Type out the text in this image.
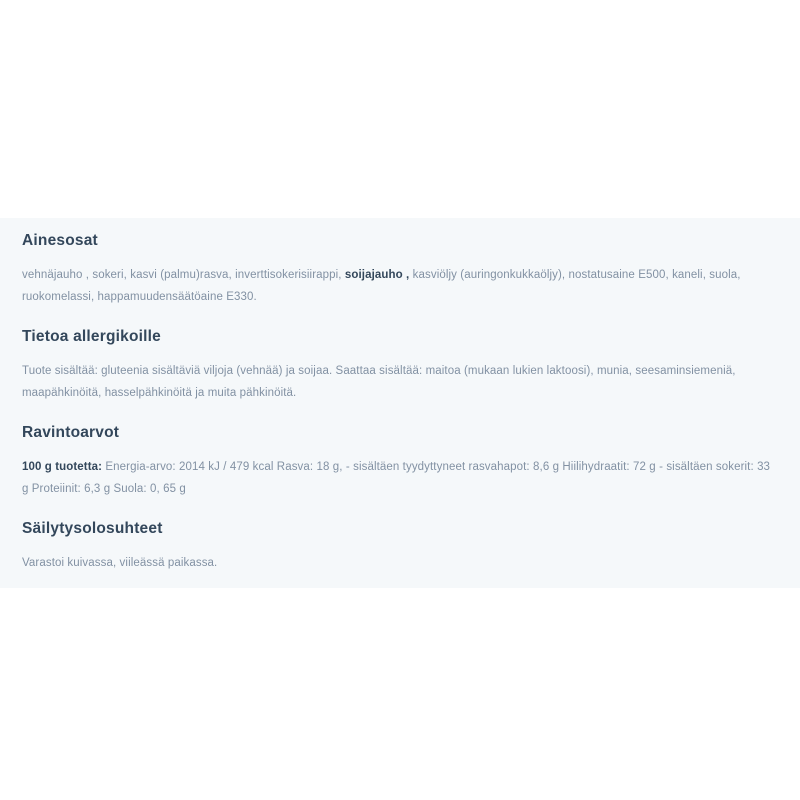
Ainesosat

vehnäjauho , sokeri, kasvi (palmu)rasva, inverttisokerisiirappi, soijajauho , kasviöljy (auringonkukkaöljy), nostatusaine E500, kaneli, suola, ruokomelassi, happamuudensäätöaine E330.

Tietoa allergikoille

Tuote sisältää: gluteenia sisältäviä viljoja (vehnää) ja soijaa. Saattaa sisältää: maitoa (mukaan lukien laktoosi), munia, seesaminsiemeniä, maapähkinöitä, hasselpähkinöitä ja muita pähkinöitä.

Ravintoarvot

100 g tuotetta: Energia-arvo: 2014 kJ / 479 kcal Rasva: 18 g, - sisältäen tyydyttyneet rasvahapot: 8,6 g Hiilihydraatit: 72 g - sisältäen sokerit: 33 g Proteiinit: 6,3 g Suola: 0, 65 g

Säilytysolosuhteet

Varastoi kuivassa, viileässä paikassa.
